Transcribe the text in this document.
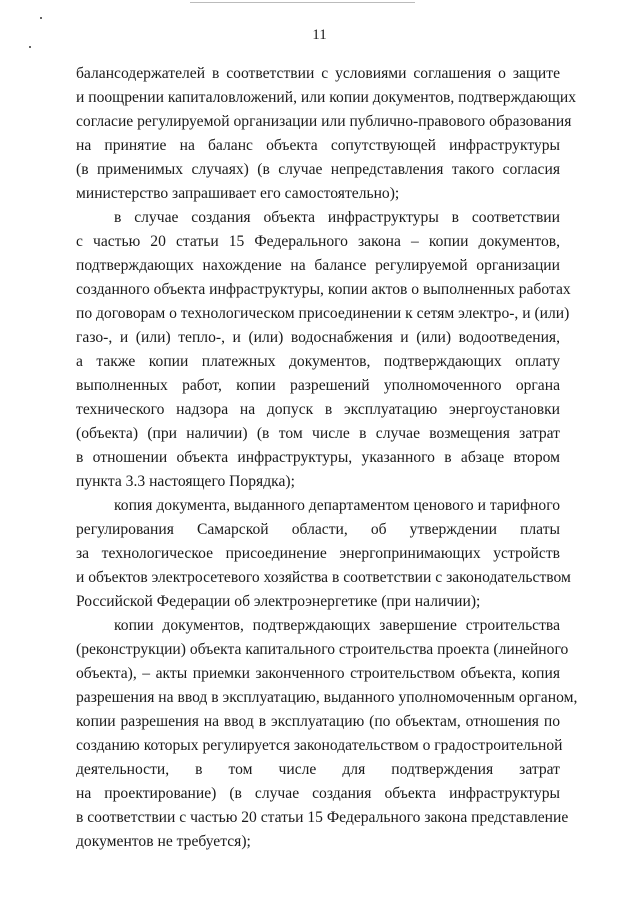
11
балансодержателей в соответствии с условиями соглашения о защите
и поощрении капиталовложений, или копии документов, подтверждающих
согласие регулируемой организации или публично-правового образования
на принятие на баланс объекта сопутствующей инфраструктуры
(в применимых случаях) (в случае непредставления такого согласия
министерство запрашивает его самостоятельно);
в случае создания объекта инфраструктуры в соответствии
с частью 20 статьи 15 Федерального закона – копии документов,
подтверждающих нахождение на балансе регулируемой организации
созданного объекта инфраструктуры, копии актов о выполненных работах
по договорам о технологическом присоединении к сетям электро-, и (или)
газо-, и (или) тепло-, и (или) водоснабжения и (или) водоотведения,
а также копии платежных документов, подтверждающих оплату
выполненных работ, копии разрешений уполномоченного органа
технического надзора на допуск в эксплуатацию энергоустановки
(объекта) (при наличии) (в том числе в случае возмещения затрат
в отношении объекта инфраструктуры, указанного в абзаце втором
пункта 3.3 настоящего Порядка);
копия документа, выданного департаментом ценового и тарифного
регулирования Самарской области, об утверждении платы
за технологическое присоединение энергопринимающих устройств
и объектов электросетевого хозяйства в соответствии с законодательством
Российской Федерации об электроэнергетике (при наличии);
копии документов, подтверждающих завершение строительства
(реконструкции) объекта капитального строительства проекта (линейного
объекта), – акты приемки законченного строительством объекта, копия
разрешения на ввод в эксплуатацию, выданного уполномоченным органом,
копии разрешения на ввод в эксплуатацию (по объектам, отношения по
созданию которых регулируется законодательством о градостроительной
деятельности, в том числе для подтверждения затрат
на проектирование) (в случае создания объекта инфраструктуры
в соответствии с частью 20 статьи 15 Федерального закона представление
документов не требуется);
